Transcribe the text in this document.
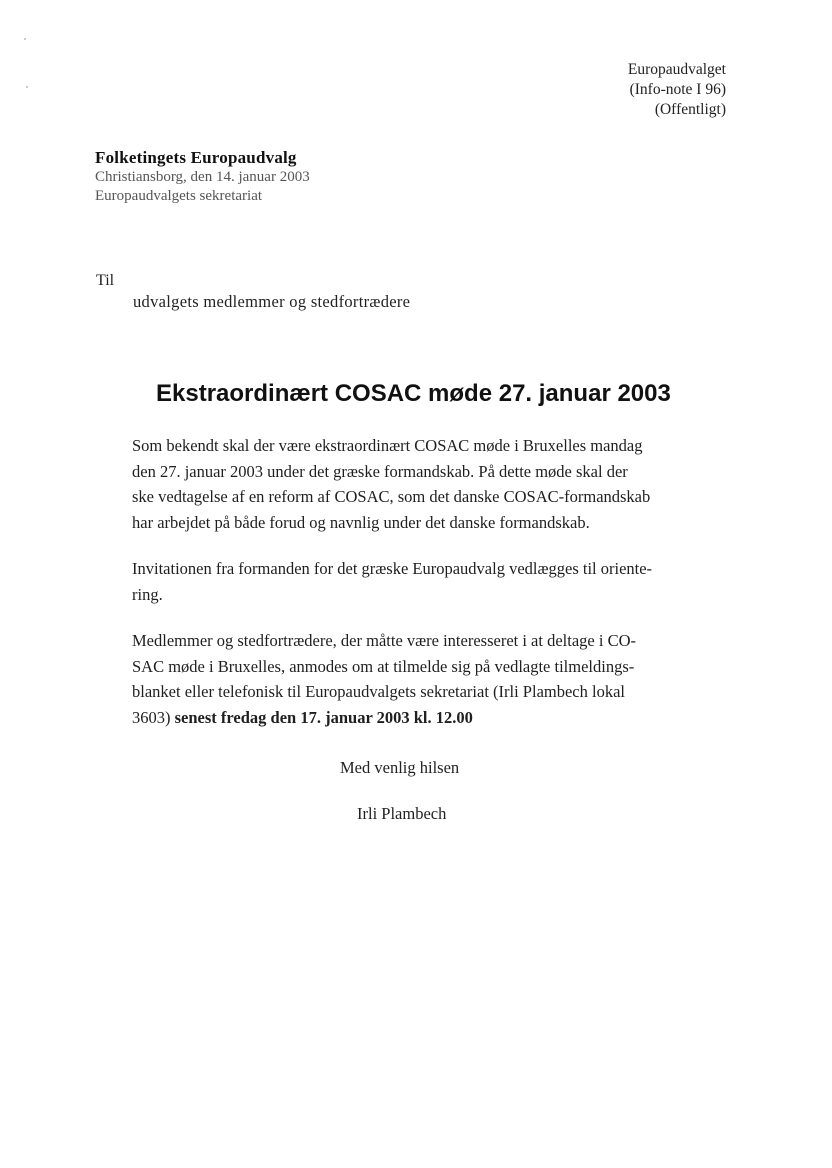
Europaudvalget
(Info-note I 96)
(Offentligt)
Folketingets Europaudvalg
Christiansborg, den 14. januar 2003
Europaudvalgets sekretariat
Til
udvalgets medlemmer og stedfortrædere
Ekstraordinært COSAC møde 27. januar 2003
Som bekendt skal der være ekstraordinært COSAC møde i Bruxelles mandag
den 27. januar 2003 under det græske formandskab. På dette møde skal der
ske vedtagelse af en reform af COSAC, som det danske COSAC-formandskab
har arbejdet på både forud og navnlig under det danske formandskab.
Invitationen fra formanden for det græske Europaudvalg vedlægges til oriente-
ring.
Medlemmer og stedfortrædere, der måtte være interesseret i at deltage i CO-
SAC møde i Bruxelles, anmodes om at tilmelde sig på vedlagte tilmeldings-
blanket eller telefonisk til Europaudvalgets sekretariat (Irli Plambech lokal
3603) senest fredag den 17. januar 2003 kl. 12.00
Med venlig hilsen
Irli Plambech
